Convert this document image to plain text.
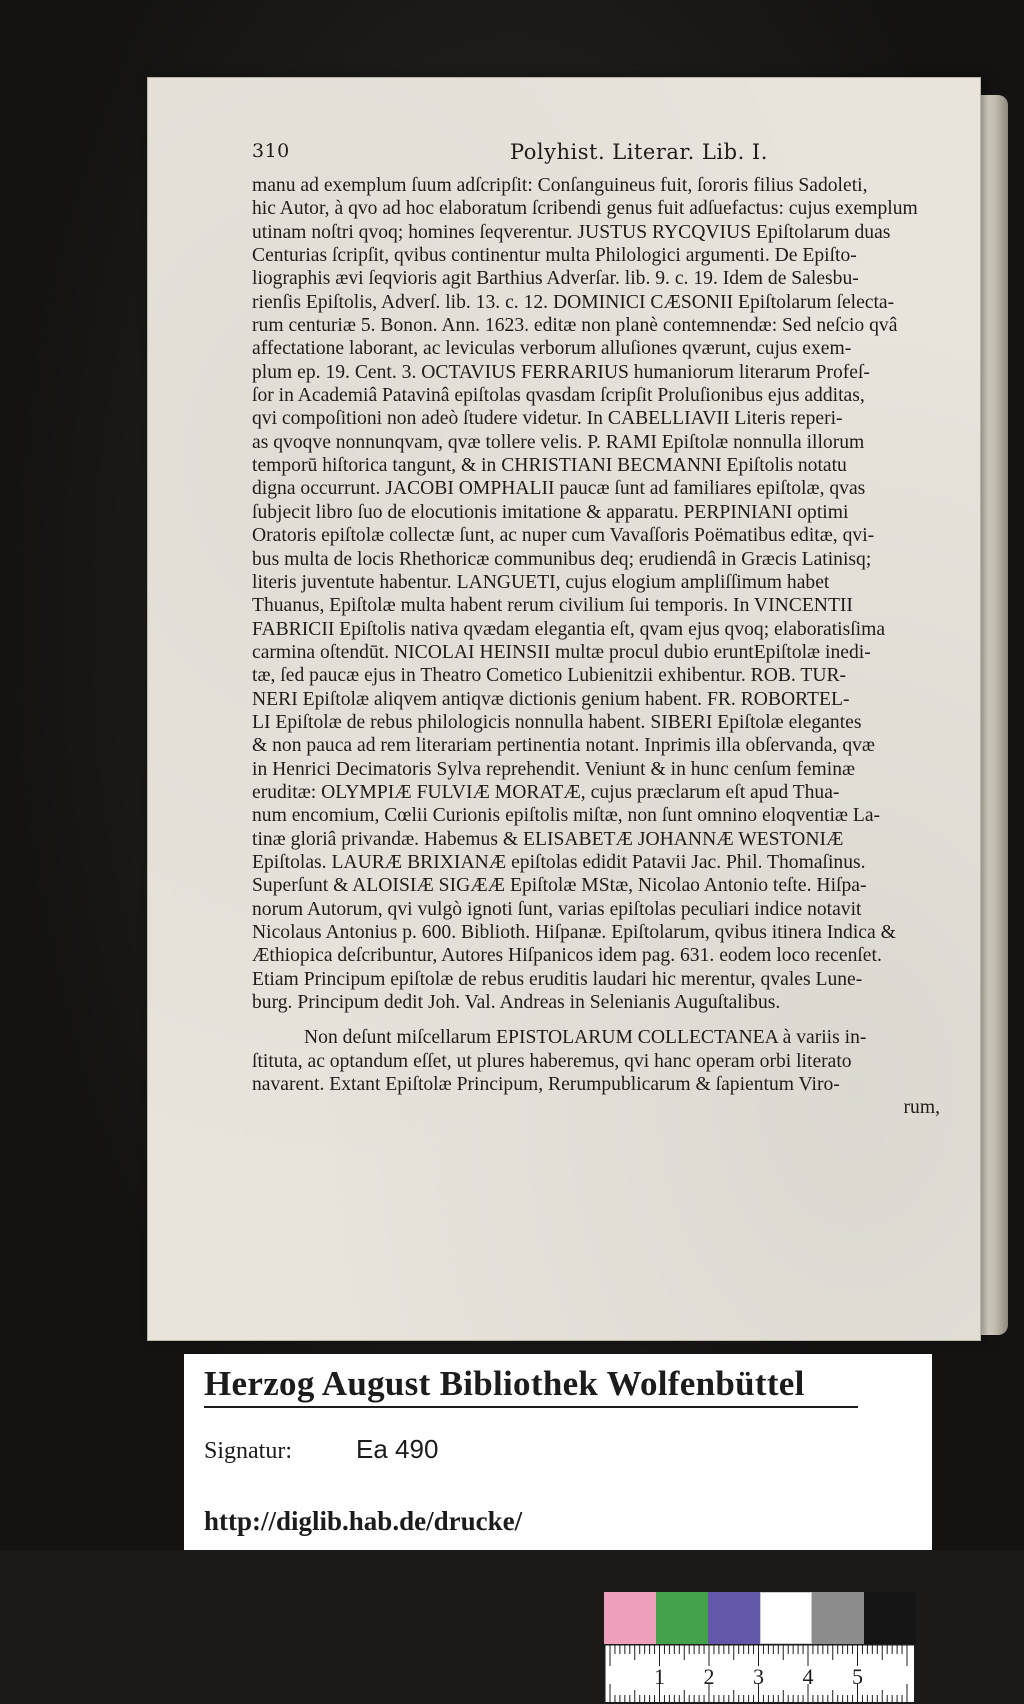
310	Polyhist. Literar. Lib. I.
manu ad exemplum ſuum adſcripſit: Conſanguineus fuit, ſororis filius Sadoleti,
hic Autor, à qvo ad hoc elaboratum ſcribendi genus fuit adſuefactus: cujus exemplum
utinam noſtri qvoq; homines ſeqverentur. JUSTUS RYCQVIUS Epiſtolarum duas
Centurias ſcripſit, qvibus continentur multa Philologici argumenti. De Epiſto-
liographis ævi ſeqvioris agit Barthius Adverſar. lib. 9. c. 19. Idem de Salesbu-
rienſis Epiſtolis, Adverſ. lib. 13. c. 12. DOMINICI CÆSONII Epiſtolarum ſelecta-
rum centuriæ 5. Bonon. Ann. 1623. editæ non planè contemnendæ: Sed neſcio qvâ
affectatione laborant, ac leviculas verborum alluſiones qværunt, cujus exem-
plum ep. 19. Cent. 3. OCTAVIUS FERRARIUS humaniorum literarum Profeſ-
ſor in Academiâ Patavinâ epiſtolas qvasdam ſcripſit Proluſionibus ejus additas,
qvi compoſitioni non adeò ſtudere videtur. In CABELLIAVII Literis reperi-
as qvoqve nonnunqvam, qvæ tollere velis. P. RAMI Epiſtolæ nonnulla illorum
temporū hiſtorica tangunt, & in CHRISTIANI BECMANNI Epiſtolis notatu
digna occurrunt. JACOBI OMPHALII paucæ ſunt ad familiares epiſtolæ, qvas
ſubjecit libro ſuo de elocutionis imitatione & apparatu. PERPINIANI optimi
Oratoris epiſtolæ collectæ ſunt, ac nuper cum Vavaſſoris Poëmatibus editæ, qvi-
bus multa de locis Rhethoricæ communibus deq; erudiendâ in Græcis Latinisq;
literis juventute habentur. LANGUETI, cujus elogium ampliſſimum habet
Thuanus, Epiſtolæ multa habent rerum civilium ſui temporis. In VINCENTII
FABRICII Epiſtolis nativa qvædam elegantia eſt, qvam ejus qvoq; elaboratisſima
carmina oſtendūt. NICOLAI HEINSII multæ procul dubio eruntEpiſtolæ inedi-
tæ, ſed paucæ ejus in Theatro Cometico Lubienitzii exhibentur. ROB. TUR-
NERI Epiſtolæ aliqvem antiqvæ dictionis genium habent. FR. ROBORTEL-
LI Epiſtolæ de rebus philologicis nonnulla habent. SIBERI Epiſtolæ elegantes
& non pauca ad rem literariam pertinentia notant. Inprimis illa obſervanda, qvæ
in Henrici Decimatoris Sylva reprehendit. Veniunt & in hunc cenſum feminæ
eruditæ: OLYMPIÆ FULVIÆ MORATÆ, cujus præclarum eſt apud Thua-
num encomium, Cœlii Curionis epiſtolis miſtæ, non ſunt omnino eloqventiæ La-
tinæ gloriâ privandæ. Habemus & ELISABETÆ JOHANNÆ WESTONIÆ
Epiſtolas. LAURÆ BRIXIANÆ epiſtolas edidit Patavii Jac. Phil. Thomaſinus.
Superſunt & ALOISIÆ SIGÆÆ Epiſtolæ MStæ, Nicolao Antonio teſte. Hiſpa-
norum Autorum, qvi vulgò ignoti ſunt, varias epiſtolas peculiari indice notavit
Nicolaus Antonius p. 600. Biblioth. Hiſpanæ. Epiſtolarum, qvibus itinera Indica &
Æthiopica deſcribuntur, Autores Hiſpanicos idem pag. 631. eodem loco recenſet.
Etiam Principum epiſtolæ de rebus eruditis laudari hic merentur, qvales Lune-
burg. Principum dedit Joh. Val. Andreas in Selenianis Auguſtalibus.
Non deſunt miſcellarum EPISTOLARUM COLLECTANEA à variis in-
ſtituta, ac optandum eſſet, ut plures haberemus, qvi hanc operam orbi literato
navarent. Extant Epiſtolæ Principum, Rerumpublicarum & ſapientum Viro-
rum,
Herzog August Bibliothek Wolfenbüttel
Signatur: Ea 490
http://diglib.hab.de/drucke/
1 2 3 4 5
